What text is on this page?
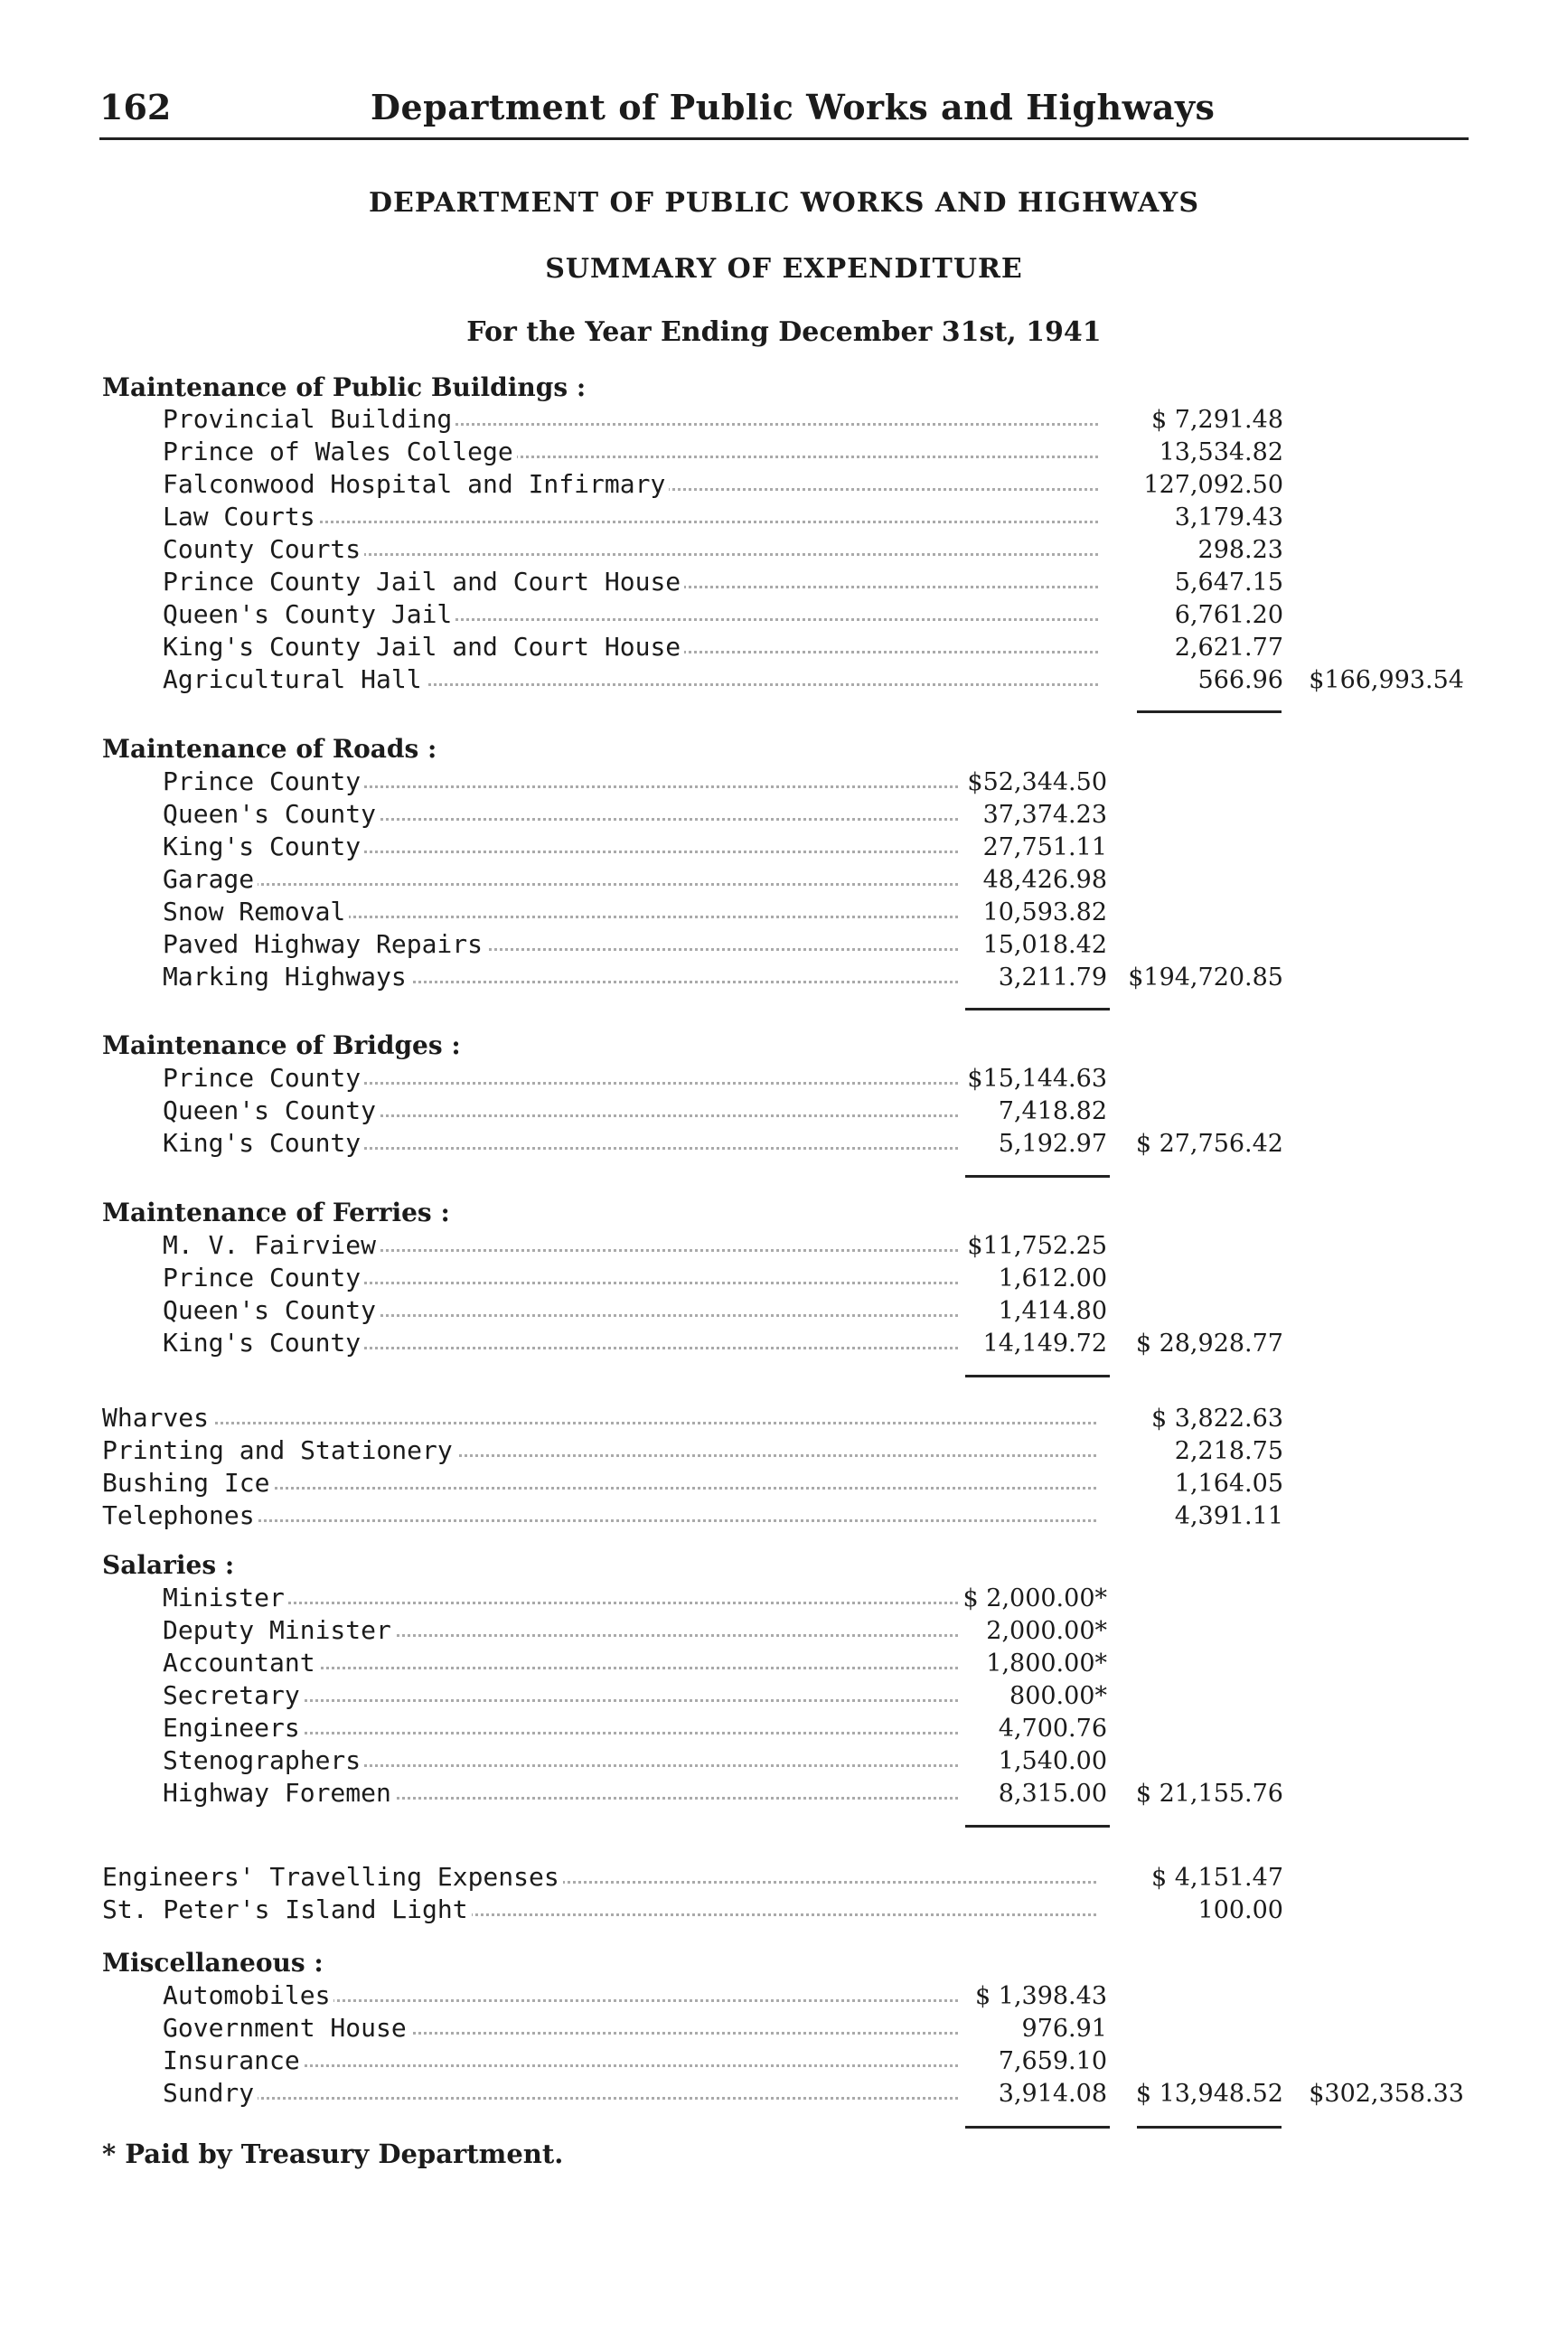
162	Department of Public Works and Highways
DEPARTMENT OF PUBLIC WORKS AND HIGHWAYS
SUMMARY OF EXPENDITURE
For the Year Ending December 31st, 1941
Maintenance of Public Buildings :
Provincial Building	$ 7,291.48
Prince of Wales College	13,534.82
Falconwood Hospital and Infirmary	127,092.50
Law Courts	3,179.43
County Courts	298.23
Prince County Jail and Court House	5,647.15
Queen's County Jail	6,761.20
King's County Jail and Court House	2,621.77
Agricultural Hall	566.96	$166,993.54
Maintenance of Roads :
Prince County	$52,344.50
Queen's County	37,374.23
King's County	27,751.11
Garage	48,426.98
Snow Removal	10,593.82
Paved Highway Repairs	15,018.42
Marking Highways	3,211.79 $194,720.85
Maintenance of Bridges :
Prince County	$15,144.63
Queen's County	7,418.82
King's County	5,192.97	$ 27,756.42
Maintenance of Ferries :
M. V. Fairview	$11,752.25
Prince County	1,612.00
Queen's County	1,414.80
King's County	14,149.72	$ 28,928.77
Wharves	$ 3,822.63
Printing and Stationery	2,218.75
Bushing Ice	1,164.05
Telephones	4,391.11
Salaries :
Minister	$ 2,000.00*
Deputy Minister	2,000.00*
Accountant	1,800.00*
Secretary	800.00*
Engineers	4,700.76
Stenographers	1,540.00
Highway Foremen	8,315.00	$ 21,155.76
Engineers' Travelling Expenses	$ 4,151.47
St. Peter's Island Light	100.00
Miscellaneous :
Automobiles	$ 1,398.43
Government House	976.91
Insurance	7,659.10
Sundry	3,914.08	$ 13,948.52	$302,358.33
* Paid by Treasury Department.
